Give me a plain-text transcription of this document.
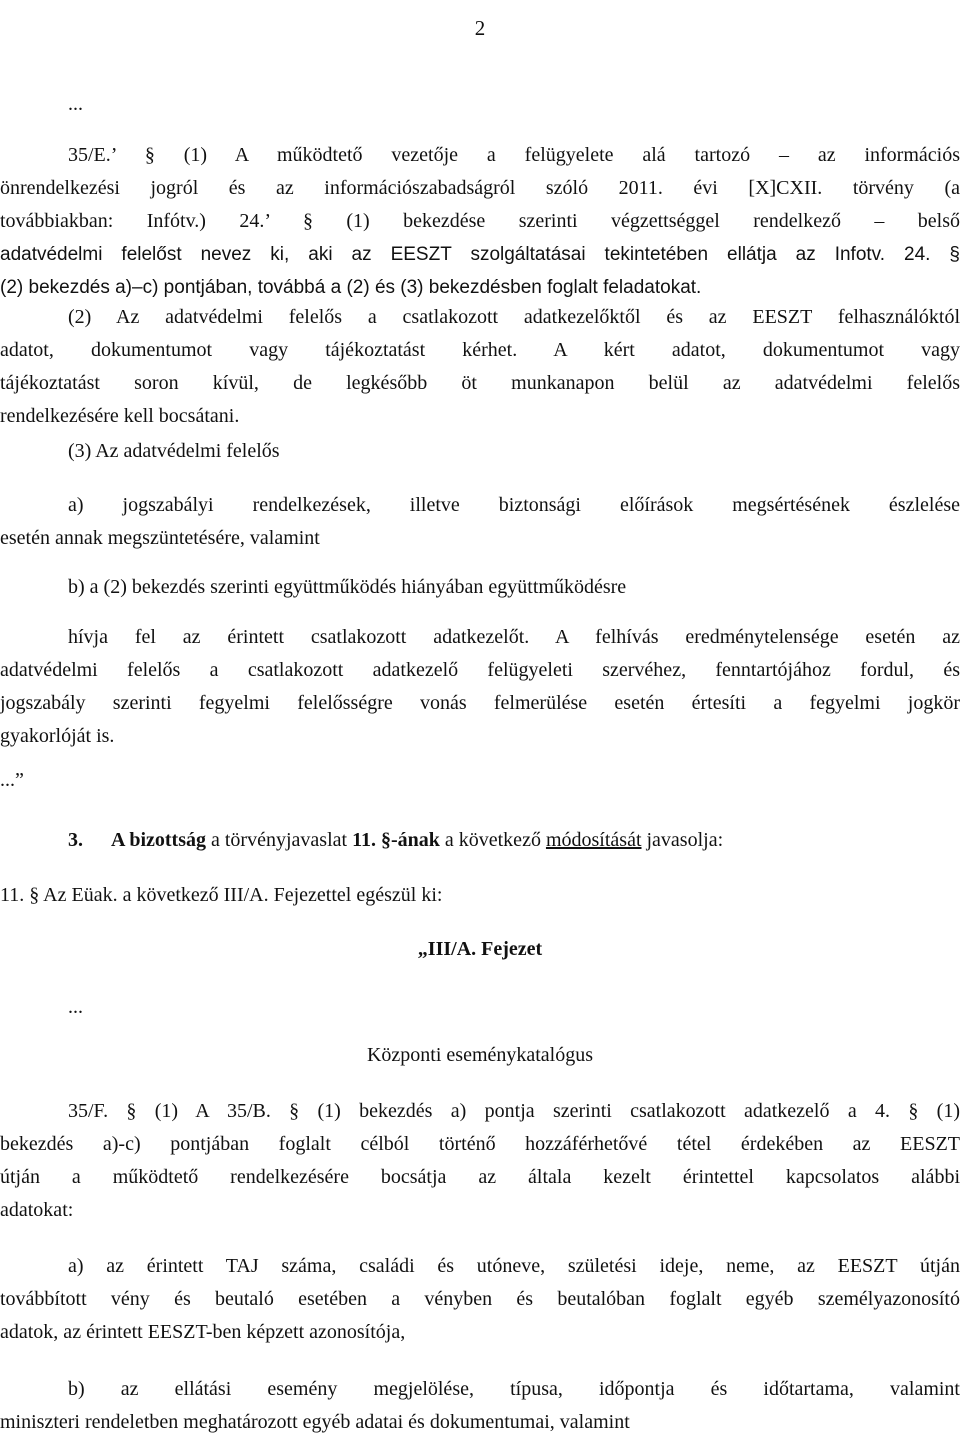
2
...
35/E.’ § (1) A működtető vezetője a felügyelete alá tartozó – az információs
önrendelkezési jogról és az információszabadságról szóló 2011. évi [X]CXII. törvény (a
továbbiakban: Infótv.) 24.’ § (1) bekezdése szerinti végzettséggel rendelkező – belső
adatvédelmi felelőst nevez ki, aki az EESZT szolgáltatásai tekintetében ellátja az Infotv. 24. §
(2) bekezdés a)–c) pontjában, továbbá a (2) és (3) bekezdésben foglalt feladatokat.
(2) Az adatvédelmi felelős a csatlakozott adatkezelőktől és az EESZT felhasználóktól
adatot, dokumentumot vagy tájékoztatást kérhet. A kért adatot, dokumentumot vagy
tájékoztatást soron kívül, de legkésőbb öt munkanapon belül az adatvédelmi felelős
rendelkezésére kell bocsátani.
(3) Az adatvédelmi felelős
a) jogszabályi rendelkezések, illetve biztonsági előírások megsértésének észlelése
esetén annak megszüntetésére, valamint
b) a (2) bekezdés szerinti együttműködés hiányában együttműködésre
hívja fel az érintett csatlakozott adatkezelőt. A felhívás eredménytelensége esetén az
adatvédelmi felelős a csatlakozott adatkezelő felügyeleti szervéhez, fenntartójához fordul, és
jogszabály szerinti fegyelmi felelősségre vonás felmerülése esetén értesíti a fegyelmi jogkör
gyakorlóját is.
...”
3. A bizottság a törvényjavaslat 11. §-ának a következő módosítását javasolja:
11. § Az Eüak. a következő III/A. Fejezettel egészül ki:
„III/A. Fejezet
...
Központi eseménykatalógus
35/F. § (1) A 35/B. § (1) bekezdés a) pontja szerinti csatlakozott adatkezelő a 4. § (1)
bekezdés a)-c) pontjában foglalt célból történő hozzáférhetővé tétel érdekében az EESZT
útján a működtető rendelkezésére bocsátja az általa kezelt érintettel kapcsolatos alábbi
adatokat:
a) az érintett TAJ száma, családi és utóneve, születési ideje, neme, az EESZT útján
továbbított vény és beutaló esetében a vényben és beutalóban foglalt egyéb személyazonosító
adatok, az érintett EESZT-ben képzett azonosítója,
b) az ellátási esemény megjelölése, típusa, időpontja és időtartama, valamint
miniszteri rendeletben meghatározott egyéb adatai és dokumentumai, valamint
